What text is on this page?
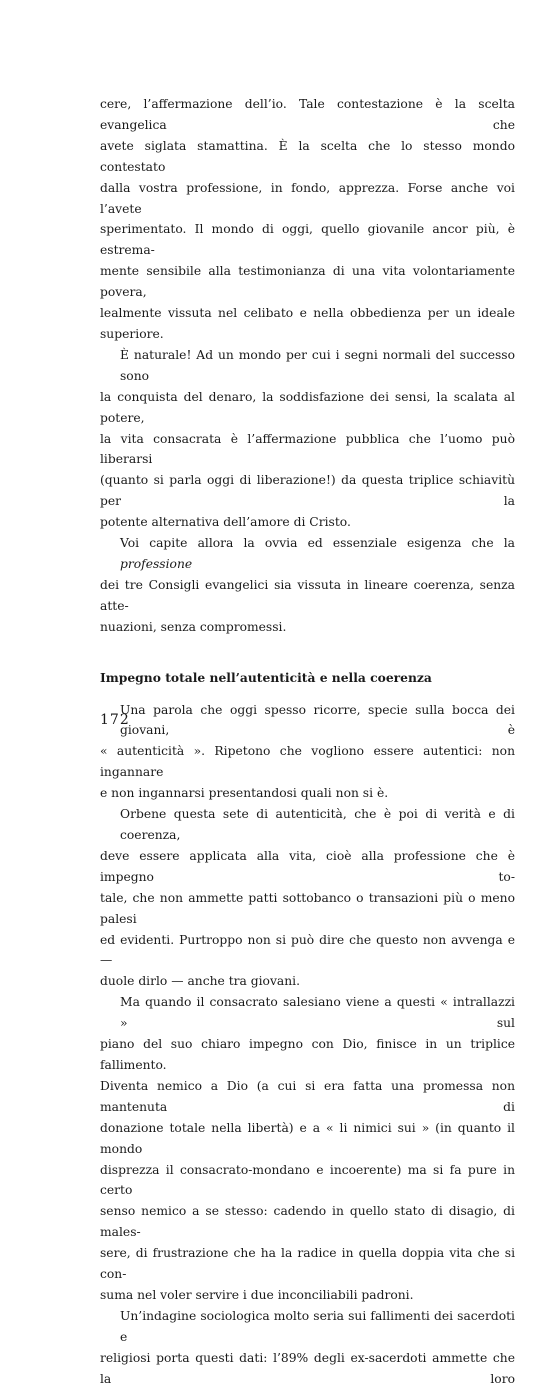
cere, l’affermazione dell’io. Tale contestazione è la scelta evangelica che
avete siglata stamattina. È la scelta che lo stesso mondo contestato
dalla vostra professione, in fondo, apprezza. Forse anche voi l’avete
sperimentato. Il mondo di oggi, quello giovanile ancor più, è estrema-
mente sensibile alla testimonianza di una vita volontariamente povera,
lealmente vissuta nel celibato e nella obbedienza per un ideale superiore.

È naturale! Ad un mondo per cui i segni normali del successo sono
la conquista del denaro, la soddisfazione dei sensi, la scalata al potere,
la vita consacrata è l’affermazione pubblica che l’uomo può liberarsi
(quanto si parla oggi di liberazione!) da questa triplice schiavitù per la
potente alternativa dell’amore di Cristo.

Voi capite allora la ovvia ed essenziale esigenza che la professione
dei tre Consigli evangelici sia vissuta in lineare coerenza, senza atte-
nuazioni, senza compromessi.

Impegno totale nell’autenticità e nella coerenza

Una parola che oggi spesso ricorre, specie sulla bocca dei giovani, è
« autenticità ». Ripetono che vogliono essere autentici: non ingannare
e non ingannarsi presentandosi quali non si è.

Orbene questa sete di autenticità, che è poi di verità e di coerenza,
deve essere applicata alla vita, cioè alla professione che è impegno to-
tale, che non ammette patti sottobanco o transazioni più o meno palesi
ed evidenti. Purtroppo non si può dire che questo non avvenga e —
duole dirlo — anche tra giovani.

Ma quando il consacrato salesiano viene a questi « intrallazzi » sul
piano del suo chiaro impegno con Dio, finisce in un triplice fallimento.
Diventa nemico a Dio (a cui si era fatta una promessa non mantenuta di
donazione totale nella libertà) e a « li nimici sui » (in quanto il mondo
disprezza il consacrato-mondano e incoerente) ma si fa pure in certo
senso nemico a se stesso: cadendo in quello stato di disagio, di males-
sere, di frustrazione che ha la radice in quella doppia vita che si con-
suma nel voler servire i due inconciliabili padroni.

Un’indagine sociologica molto seria sui fallimenti dei sacerdoti e
religiosi porta questi dati: l’89% degli ex-sacerdoti ammette che la loro

172
